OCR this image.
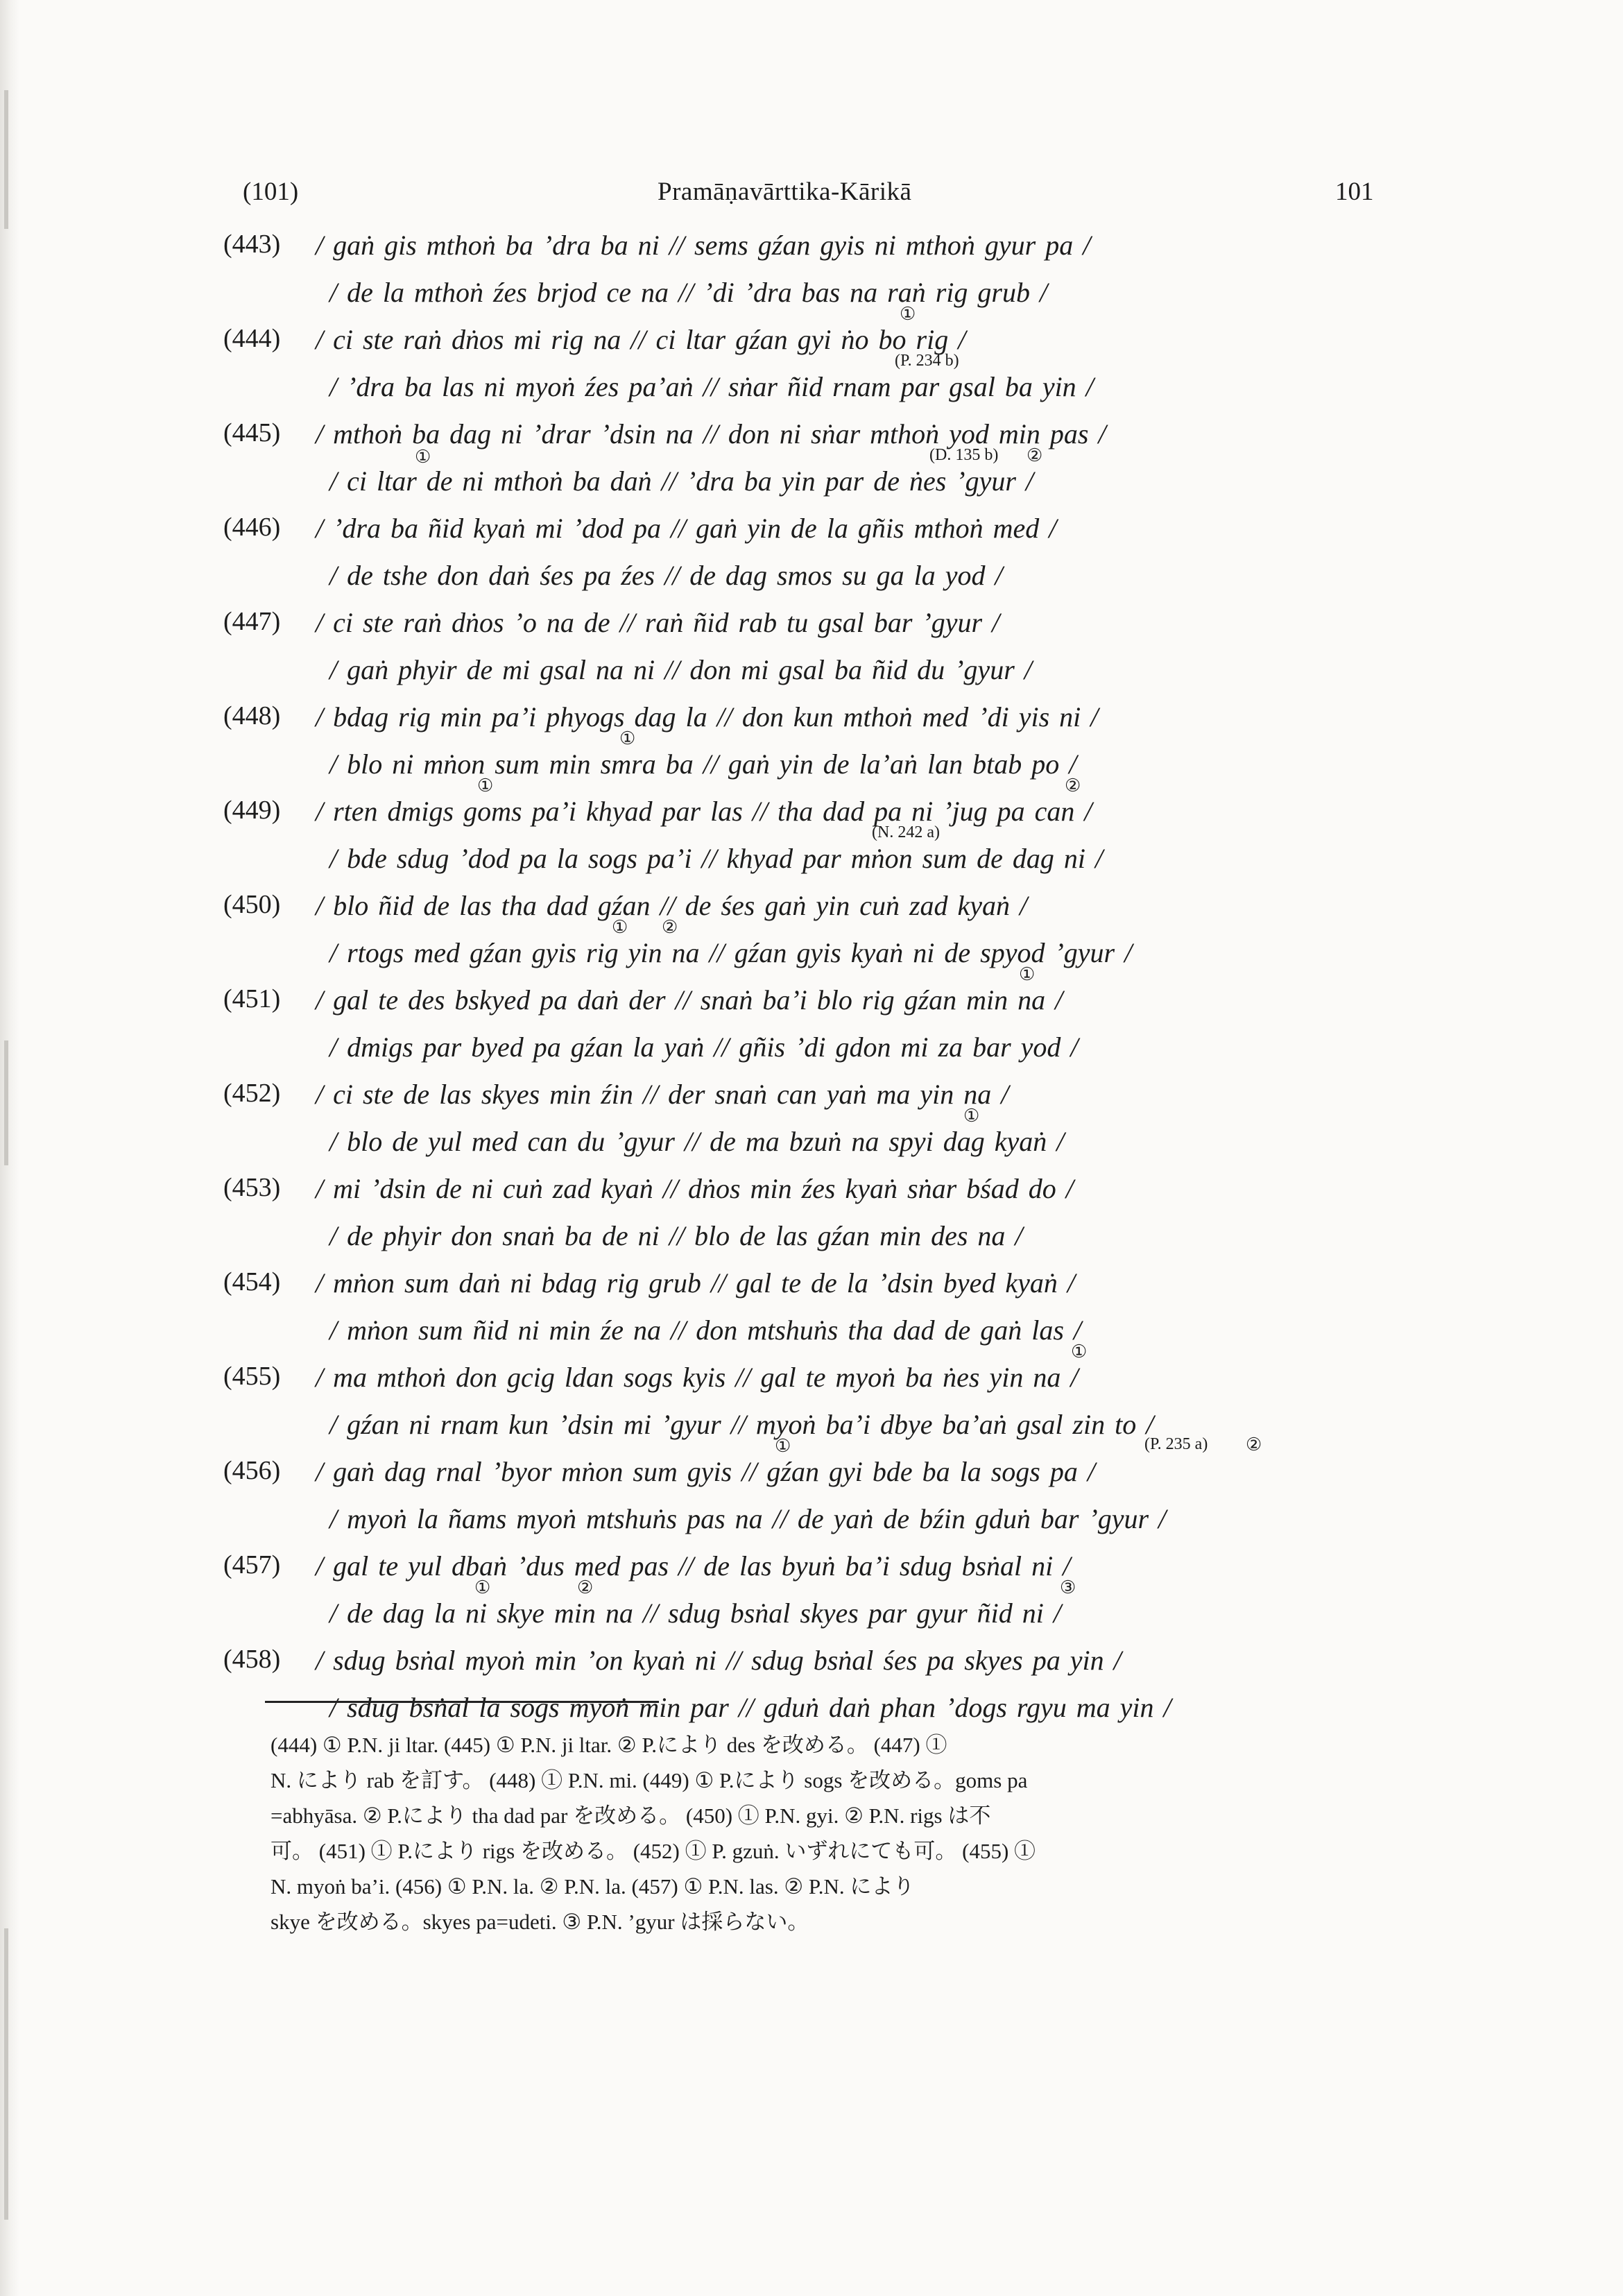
(101)	Pramāṇavārttika-Kārikā	101
(443) / gaṅ gis mthoṅ ba ’dra ba ni // sems gźan gyis ni mthoṅ gyur pa /
/ de la mthoṅ źes brjod ce na // ’di ’dra bas na raṅ rig grub /
(444) / ci ste raṅ dṅos mi rig na // ci ltar gźan gyi ṅo bo rig /
/ ’dra ba las ni myoṅ źes pa’aṅ // sṅar ñid rnam par gsal ba yin /
①
(P. 234 b)
(445) / mthoṅ ba dag ni ’drar ’dsin na // don ni sṅar mthoṅ yod min pas /
/ ci ltar de ni mthoṅ ba daṅ // ’dra ba yin par de ṅes ’gyur /
①	(D. 135 b) ②
(446) / ’dra ba ñid kyaṅ mi ’dod pa // gaṅ yin de la gñis mthoṅ med /
/ de tshe don daṅ śes pa źes // de dag smos su ga la yod /
(447) / ci ste raṅ dṅos ’o na de // raṅ ñid rab tu gsal bar ’gyur /
/ gaṅ phyir de mi gsal na ni // don mi gsal ba ñid du ’gyur /
(448) / bdag rig min pa’i phyogs dag la // don kun mthoṅ med ’di yis ni /
/ blo ni mṅon sum min smra ba // gaṅ yin de la’aṅ lan btab po /
①
②
(449) / rten dmigs goms pa’i khyad par las // tha dad pa ni ’jug pa can /
/ bde sdug ’dod pa la sogs pa’i // khyad par mṅon sum de dag ni /
①
(N. 242 a)
(450) / blo ñid de las tha dad gźan // de śes gaṅ yin cuṅ zad kyaṅ /
/ rtogs med gźan gyis rig yin na // gźan gyis kyaṅ ni de spyod ’gyur /
① ②
(451) / gal te des bskyed pa daṅ der // snaṅ ba’i blo rig gźan min na /
/ dmigs par byed pa gźan la yaṅ // gñis ’di gdon mi za bar yod /
①
(452) / ci ste de las skyes min źin // der snaṅ can yaṅ ma yin na /
/ blo de yul med can du ’gyur // de ma bzuṅ na spyi dag kyaṅ /
①
(453) / mi ’dsin de ni cuṅ zad kyaṅ // dṅos min źes kyaṅ sṅar bśad do /
/ de phyir don snaṅ ba de ni // blo de las gźan min des na /
(454) / mṅon sum daṅ ni bdag rig grub // gal te de la ’dsin byed kyaṅ /
/ mṅon sum ñid ni min źe na // don mtshuṅs tha dad de gaṅ las /
①
(455) / ma mthoṅ don gcig ldan sogs kyis // gal te myoṅ ba ṅes yin na /
/ gźan ni rnam kun ’dsin mi ’gyur // myoṅ ba’i dbye ba’aṅ gsal zin to /
(P. 235 a) ②
(456) / gaṅ dag rnal ’byor mṅon sum gyis // gźan gyi bde ba la sogs pa /
/ myoṅ la ñams myoṅ mtshuṅs pas na // de yaṅ de bźin gduṅ bar ’gyur /
①
(457) / gal te yul dbaṅ ’dus med pas // de las byuṅ ba’i sdug bsṅal ni /
/ de dag la ni skye min na // sdug bsṅal skyes par gyur ñid ni /
①	②	③
(458) / sdug bsṅal myoṅ min ’on kyaṅ ni // sdug bsṅal śes pa skyes pa yin /
/ sdug bsṅal la sogs myoṅ min par // gduṅ daṅ phan ’dogs rgyu ma yin /
(444) ① P.N. ji ltar. (445) ① P.N. ji ltar. ② P.により des を改める。 (447) ①
N. により rab を訂す。 (448) ① P.N. mi. (449) ① P.により sogs を改める。goms pa
=abhyāsa. ② P.により tha dad par を改める。 (450) ① P.N. gyi. ② P.N. rigs は不
可。 (451) ① P.により rigs を改める。 (452) ① P. gzuṅ. いずれにても可。 (455) ①
N. myoṅ ba’i. (456) ① P.N. la. ② P.N. la. (457) ① P.N. las. ② P.N. により
skye を改める。skyes pa=udeti. ③ P.N. ’gyur は採らない。
